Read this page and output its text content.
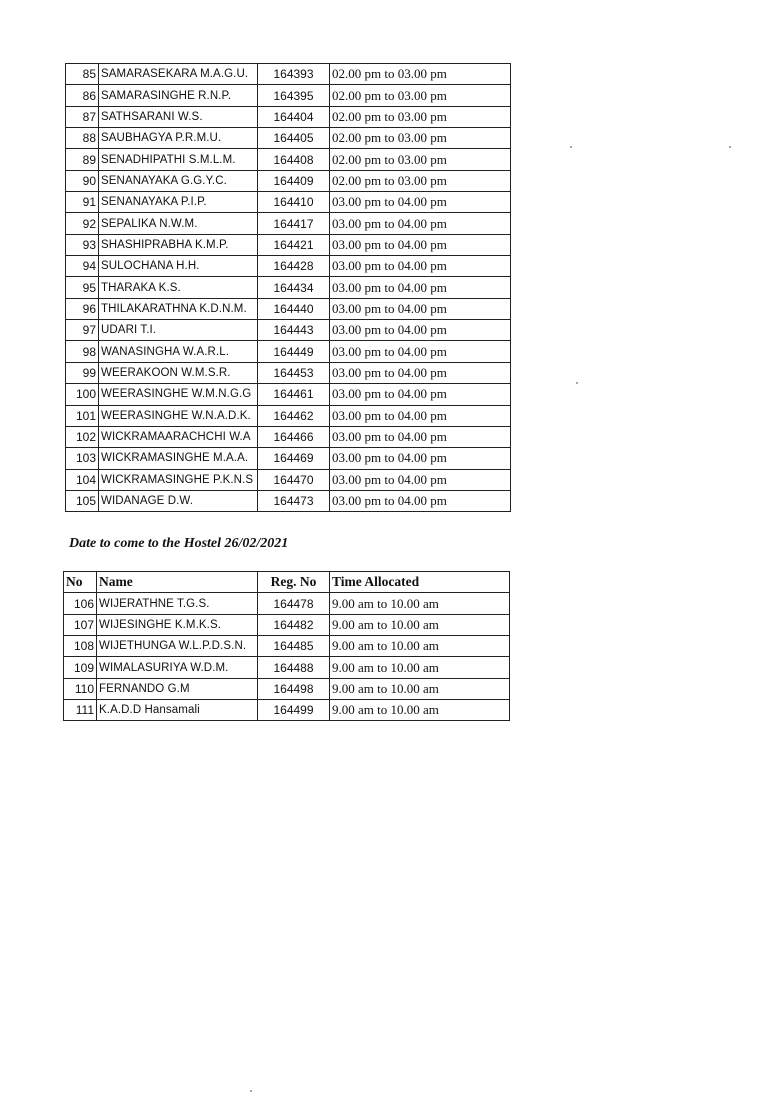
85	SAMARASEKARA M.A.G.U.	164393	02.00 pm to 03.00 pm
86	SAMARASINGHE R.N.P.	164395	02.00 pm to 03.00 pm
87	SATHSARANI W.S.	164404	02.00 pm to 03.00 pm
88	SAUBHAGYA P.R.M.U.	164405	02.00 pm to 03.00 pm
89	SENADHIPATHI S.M.L.M.	164408	02.00 pm to 03.00 pm
90	SENANAYAKA G.G.Y.C.	164409	02.00 pm to 03.00 pm
91	SENANAYAKA P.I.P.	164410	03.00 pm to 04.00 pm
92	SEPALIKA N.W.M.	164417	03.00 pm to 04.00 pm
93	SHASHIPRABHA K.M.P.	164421	03.00 pm to 04.00 pm
94	SULOCHANA H.H.	164428	03.00 pm to 04.00 pm
95	THARAKA K.S.	164434	03.00 pm to 04.00 pm
96	THILAKARATHNA K.D.N.M.	164440	03.00 pm to 04.00 pm
97	UDARI T.I.	164443	03.00 pm to 04.00 pm
98	WANASINGHA W.A.R.L.	164449	03.00 pm to 04.00 pm
99	WEERAKOON W.M.S.R.	164453	03.00 pm to 04.00 pm
100	WEERASINGHE W.M.N.G.G	164461	03.00 pm to 04.00 pm
101	WEERASINGHE W.N.A.D.K.	164462	03.00 pm to 04.00 pm
102	WICKRAMAARACHCHI W.A	164466	03.00 pm to 04.00 pm
103	WICKRAMASINGHE M.A.A.	164469	03.00 pm to 04.00 pm
104	WICKRAMASINGHE P.K.N.S	164470	03.00 pm to 04.00 pm
105	WIDANAGE D.W.	164473	03.00 pm to 04.00 pm

Date to come to the Hostel 26/02/2021

No	Name	Reg. No	Time Allocated
106	WIJERATHNE T.G.S.	164478	9.00 am to 10.00 am
107	WIJESINGHE K.M.K.S.	164482	9.00 am to 10.00 am
108	WIJETHUNGA W.L.P.D.S.N.	164485	9.00 am to 10.00 am
109	WIMALASURIYA W.D.M.	164488	9.00 am to 10.00 am
110	FERNANDO G.M	164498	9.00 am to 10.00 am
111	K.A.D.D Hansamali	164499	9.00 am to 10.00 am
